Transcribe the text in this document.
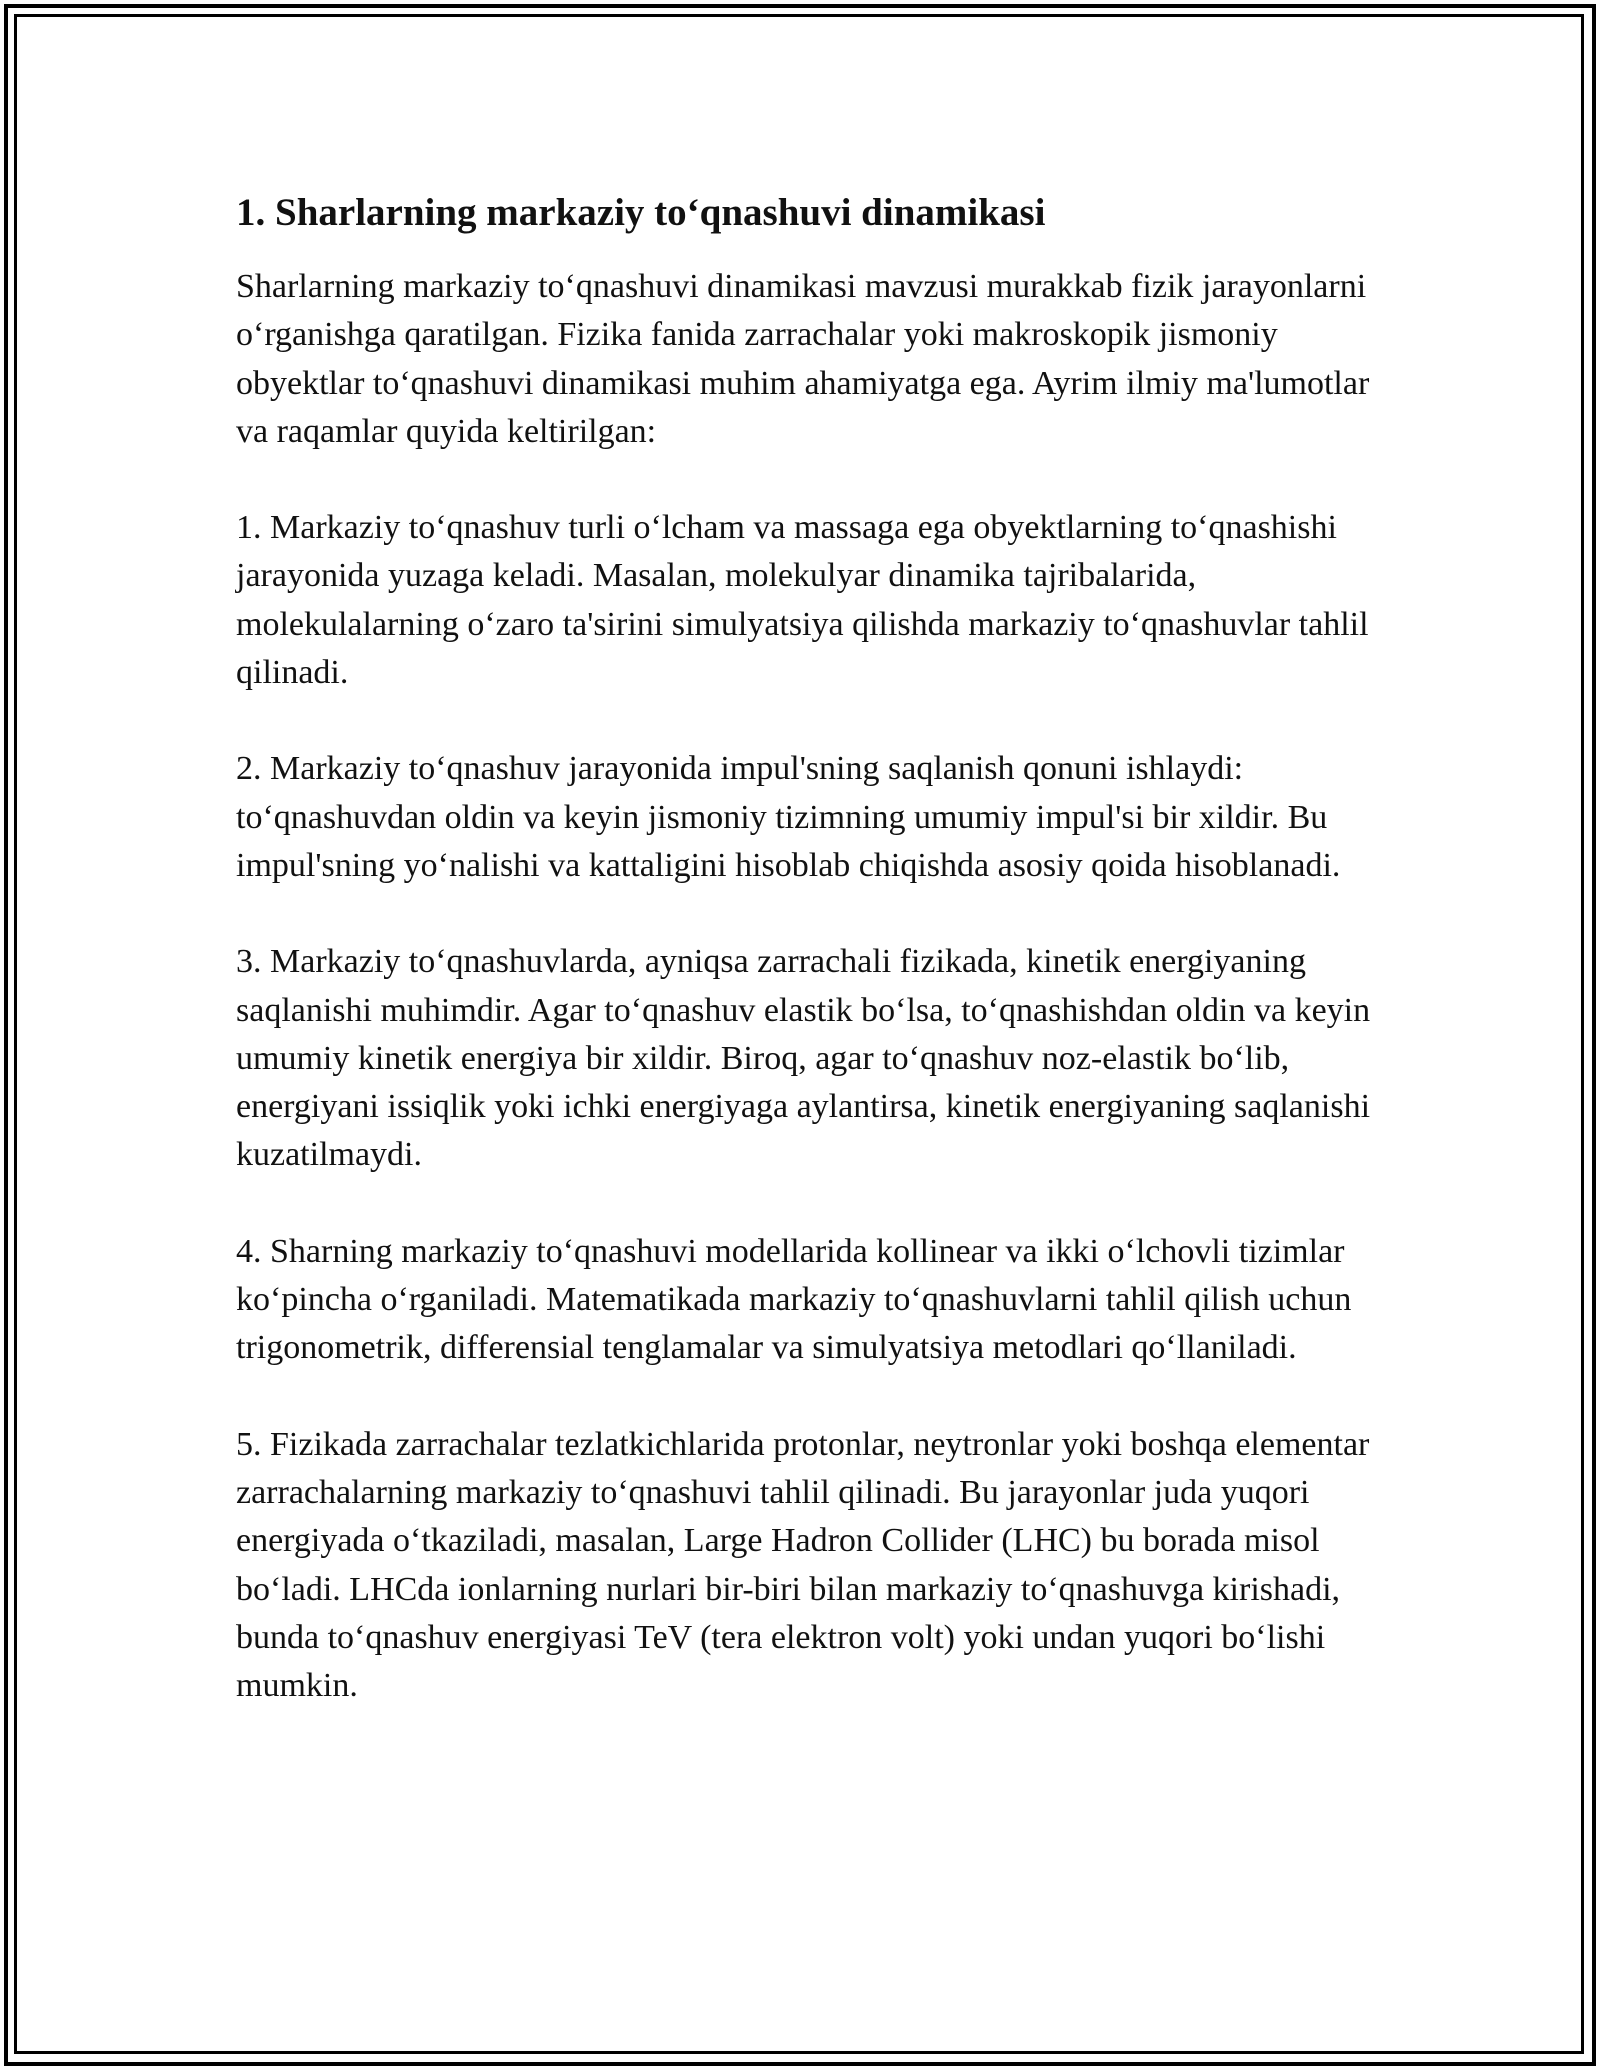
1. Sharlarning markaziy to‘qnashuvi dinamikasi

Sharlarning markaziy to‘qnashuvi dinamikasi mavzusi murakkab fizik jarayonlarni o‘rganishga qaratilgan. Fizika fanida zarrachalar yoki makroskopik jismoniy obyektlar to‘qnashuvi dinamikasi muhim ahamiyatga ega. Ayrim ilmiy ma'lumotlar va raqamlar quyida keltirilgan:

1. Markaziy to‘qnashuv turli o‘lcham va massaga ega obyektlarning to‘qnashishi jarayonida yuzaga keladi. Masalan, molekulyar dinamika tajribalarida, molekulalarning o‘zaro ta'sirini simulyatsiya qilishda markaziy to‘qnashuvlar tahlil qilinadi.

2. Markaziy to‘qnashuv jarayonida impul'sning saqlanish qonuni ishlaydi: to‘qnashuvdan oldin va keyin jismoniy tizimning umumiy impul'si bir xildir. Bu impul'sning yo‘nalishi va kattaligini hisoblab chiqishda asosiy qoida hisoblanadi.

3. Markaziy to‘qnashuvlarda, ayniqsa zarrachali fizikada, kinetik energiyaning saqlanishi muhimdir. Agar to‘qnashuv elastik bo‘lsa, to‘qnashishdan oldin va keyin umumiy kinetik energiya bir xildir. Biroq, agar to‘qnashuv noz-elastik bo‘lib, energiyani issiqlik yoki ichki energiyaga aylantirsa, kinetik energiyaning saqlanishi kuzatilmaydi.

4. Sharning markaziy to‘qnashuvi modellarida kollinear va ikki o‘lchovli tizimlar ko‘pincha o‘rganiladi. Matematikada markaziy to‘qnashuvlarni tahlil qilish uchun trigonometrik, differensial tenglamalar va simulyatsiya metodlari qo‘llaniladi.

5. Fizikada zarrachalar tezlatkichlarida protonlar, neytronlar yoki boshqa elementar zarrachalarning markaziy to‘qnashuvi tahlil qilinadi. Bu jarayonlar juda yuqori energiyada o‘tkaziladi, masalan, Large Hadron Collider (LHC) bu borada misol bo‘ladi. LHCda ionlarning nurlari bir-biri bilan markaziy to‘qnashuvga kirishadi, bunda to‘qnashuv energiyasi TeV (tera elektron volt) yoki undan yuqori bo‘lishi mumkin.
